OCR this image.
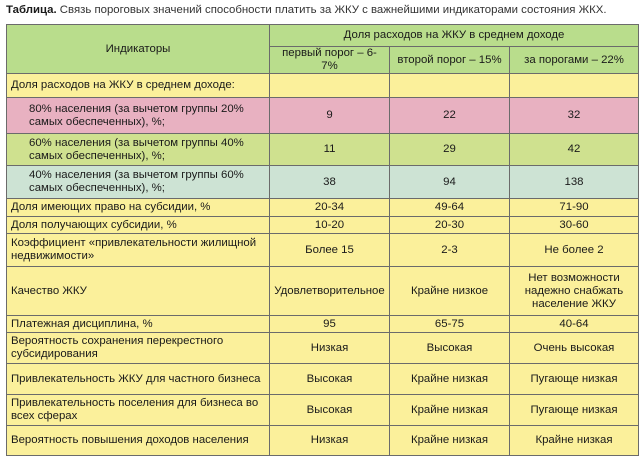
Таблица. Связь пороговых значений способности платить за ЖКУ с важнейшими индикаторами состояния ЖКХ.
Индикаторы	Доля расходов на ЖКУ в среднем доходе		
	первый порог – 6-7%	второй порог – 15%	за порогами – 22%
Доля расходов на ЖКУ в среднем доходе:			
80% населения (за вычетом группы 20% самых обеспеченных), %;	9	22	32
60% населения (за вычетом группы 40% самых обеспеченных), %;	11	29	42
40% населения (за вычетом группы 60% самых обеспеченных), %;	38	94	138
Доля имеющих право на субсидии, %	20-34	49-64	71-90
Доля получающих субсидии, %	10-20	20-30	30-60
Коэффициент «привлекательности жилищной недвижимости»	Более 15	2-3	Не более 2
Качество ЖКУ	Удовлетворительное	Крайне низкое	Нет возможности надежно снабжать население ЖКУ
Платежная дисциплина, %	95	65-75	40-64
Вероятность сохранения перекрестного субсидирования	Низкая	Высокая	Очень высокая
Привлекательность ЖКУ для частного бизнеса	Высокая	Крайне низкая	Пугающе низкая
Привлекательность поселения для бизнеса во всех сферах	Высокая	Крайне низкая	Пугающе низкая
Вероятность повышения доходов населения	Низкая	Крайне низкая	Крайне низкая
